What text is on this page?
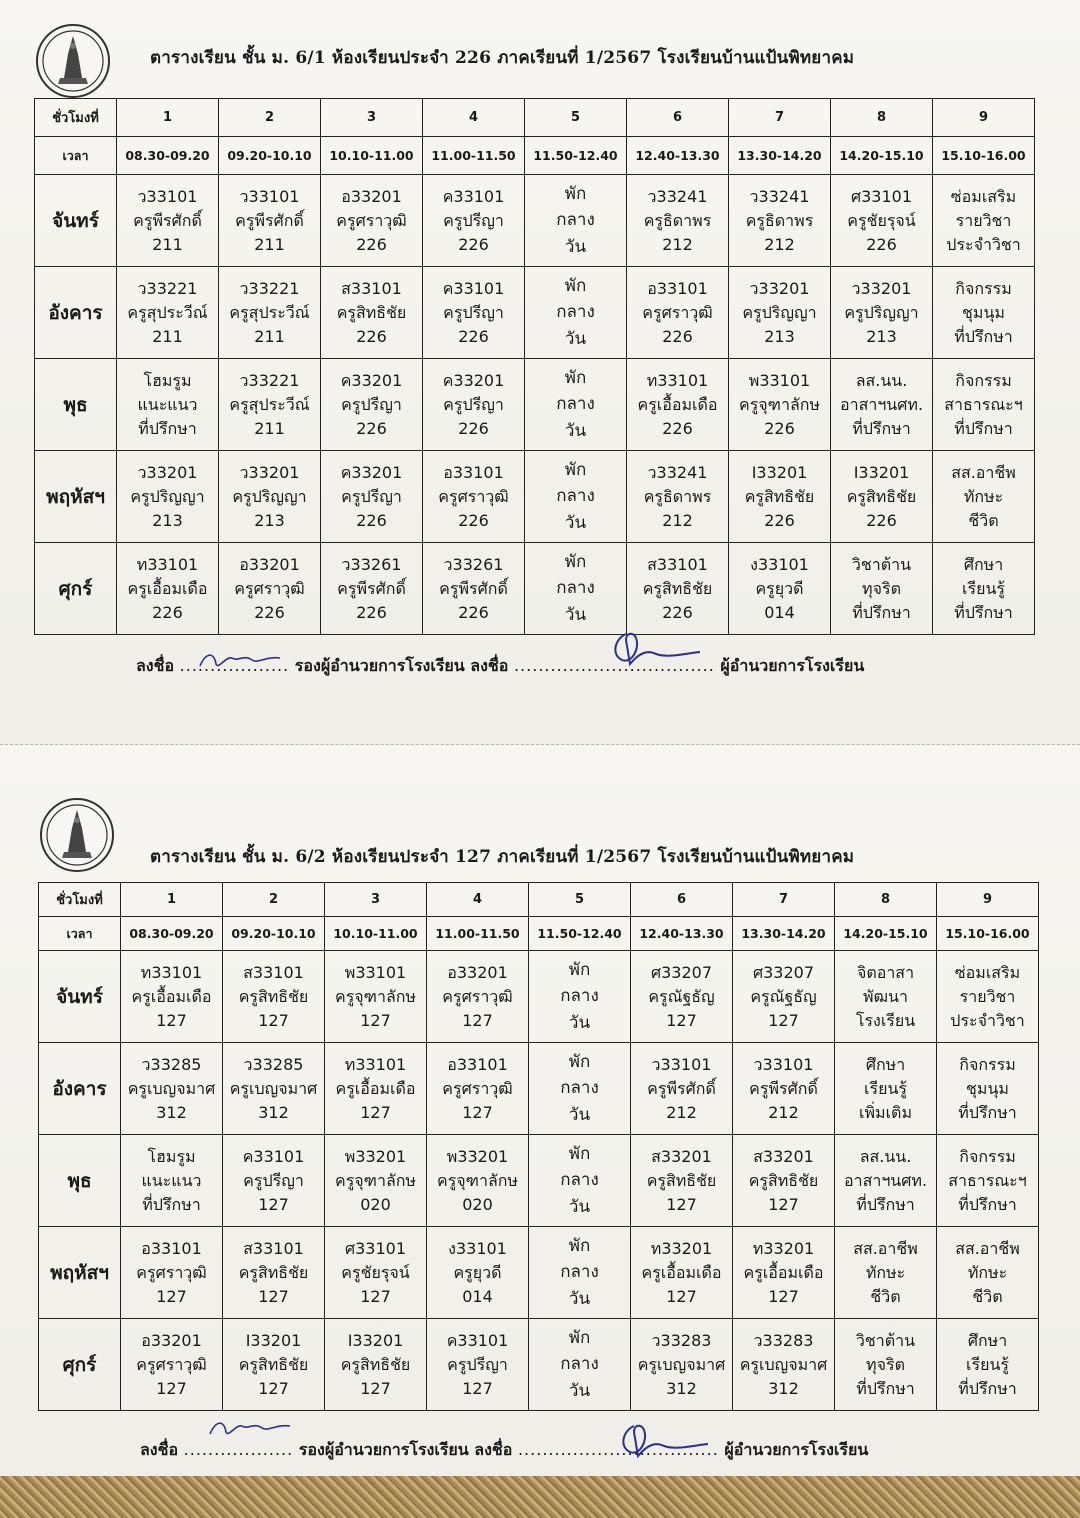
ตารางเรียน ชั้น ม. 6/1 ห้องเรียนประจำ 226 ภาคเรียนที่ 1/2567 โรงเรียนบ้านแป้นพิทยาคม
ชั่วโมงที่	1	2	3	4	5	6	7	8	9
เวลา	08.30-09.20	09.20-10.10	10.10-11.00	11.00-11.50	11.50-12.40	12.40-13.30	13.30-14.20	14.20-15.10	15.10-16.00
จันทร์	ว33101
ครูพีรศักดิ์
211	ว33101
ครูพีรศักดิ์
211	อ33201
ครูศราวุฒิ
226	ค33101
ครูปรีญา
226	พัก
กลาง
วัน	ว33241
ครูธิดาพร
212	ว33241
ครูธิดาพร
212	ศ33101
ครูชัยรุจน์
226	ซ่อมเสริม
รายวิชา
ประจำวิชา

อังคาร	ว33221
ครูสุประวีณ์
211	ว33221
ครูสุประวีณ์
211	ส33101
ครูสิทธิชัย
226	ค33101
ครูปรีญา
226	พัก
กลาง
วัน	อ33101
ครูศราวุฒิ
226	ว33201
ครูปริญญา
213	ว33201
ครูปริญญา
213	กิจกรรม
ชุมนุม
ที่ปรึกษา

พุธ	โฮมรูม
แนะแนว
ที่ปรึกษา	ว33221
ครูสุประวีณ์
211	ค33201
ครูปรีญา
226	ค33201
ครูปรีญา
226	พัก
กลาง
วัน	ท33101
ครูเอื้อมเดือ
226	พ33101
ครูจุฑาลักษ
226	ลส.นน.
อาสาฯนศท.
ที่ปรึกษา	กิจกรรม
สาธารณะฯ
ที่ปรึกษา

พฤหัสฯ	ว33201
ครูปริญญา
213	ว33201
ครูปริญญา
213	ค33201
ครูปรีญา
226	อ33101
ครูศราวุฒิ
226	พัก
กลาง
วัน	ว33241
ครูธิดาพร
212	I33201
ครูสิทธิชัย
226	I33201
ครูสิทธิชัย
226	สส.อาชีพ
ทักษะ
ชีวิต

ศุกร์	ท33101
ครูเอื้อมเดือ
226	อ33201
ครูศราวุฒิ
226	ว33261
ครูพีรศักดิ์
226	ว33261
ครูพีรศักดิ์
226	พัก
กลาง
วัน	ส33101
ครูสิทธิชัย
226	ง33101
ครูยุวดี
014	วิชาต้าน
ทุจริต
ที่ปรึกษา	ศึกษา
เรียนรู้
ที่ปรึกษา
ลงชื่อ .................. รองผู้อำนวยการโรงเรียน ลงชื่อ ................................. ผู้อำนวยการโรงเรียน
ตารางเรียน ชั้น ม. 6/2 ห้องเรียนประจำ 127 ภาคเรียนที่ 1/2567 โรงเรียนบ้านแป้นพิทยาคม
ชั่วโมงที่	1	2	3	4	5	6	7	8	9
เวลา	08.30-09.20	09.20-10.10	10.10-11.00	11.00-11.50	11.50-12.40	12.40-13.30	13.30-14.20	14.20-15.10	15.10-16.00
จันทร์	ท33101
ครูเอื้อมเดือ
127	ส33101
ครูสิทธิชัย
127	พ33101
ครูจุฑาลักษ
127	อ33201
ครูศราวุฒิ
127	พัก
กลาง
วัน	ศ33207
ครูณัฐธัญ
127	ศ33207
ครูณัฐธัญ
127	จิตอาสา
พัฒนา
โรงเรียน	ซ่อมเสริม
รายวิชา
ประจำวิชา

อังคาร	ว33285
ครูเบญจมาศ
312	ว33285
ครูเบญจมาศ
312	ท33101
ครูเอื้อมเดือ
127	อ33101
ครูศราวุฒิ
127	พัก
กลาง
วัน	ว33101
ครูพีรศักดิ์
212	ว33101
ครูพีรศักดิ์
212	ศึกษา
เรียนรู้
เพิ่มเติม	กิจกรรม
ชุมนุม
ที่ปรึกษา

พุธ	โฮมรูม
แนะแนว
ที่ปรึกษา	ค33101
ครูปรีญา
127	พ33201
ครูจุฑาลักษ
020	พ33201
ครูจุฑาลักษ
020	พัก
กลาง
วัน	ส33201
ครูสิทธิชัย
127	ส33201
ครูสิทธิชัย
127	ลส.นน.
อาสาฯนศท.
ที่ปรึกษา	กิจกรรม
สาธารณะฯ
ที่ปรึกษา

พฤหัสฯ	อ33101
ครูศราวุฒิ
127	ส33101
ครูสิทธิชัย
127	ศ33101
ครูชัยรุจน์
127	ง33101
ครูยุวดี
014	พัก
กลาง
วัน	ท33201
ครูเอื้อมเดือ
127	ท33201
ครูเอื้อมเดือ
127	สส.อาชีพ
ทักษะ
ชีวิต	สส.อาชีพ
ทักษะ
ชีวิต

ศุกร์	อ33201
ครูศราวุฒิ
127	I33201
ครูสิทธิชัย
127	I33201
ครูสิทธิชัย
127	ค33101
ครูปรีญา
127	พัก
กลาง
วัน	ว33283
ครูเบญจมาศ
312	ว33283
ครูเบญจมาศ
312	วิชาต้าน
ทุจริต
ที่ปรึกษา	ศึกษา
เรียนรู้
ที่ปรึกษา
ลงชื่อ .................. รองผู้อำนวยการโรงเรียน ลงชื่อ ................................. ผู้อำนวยการโรงเรียน
